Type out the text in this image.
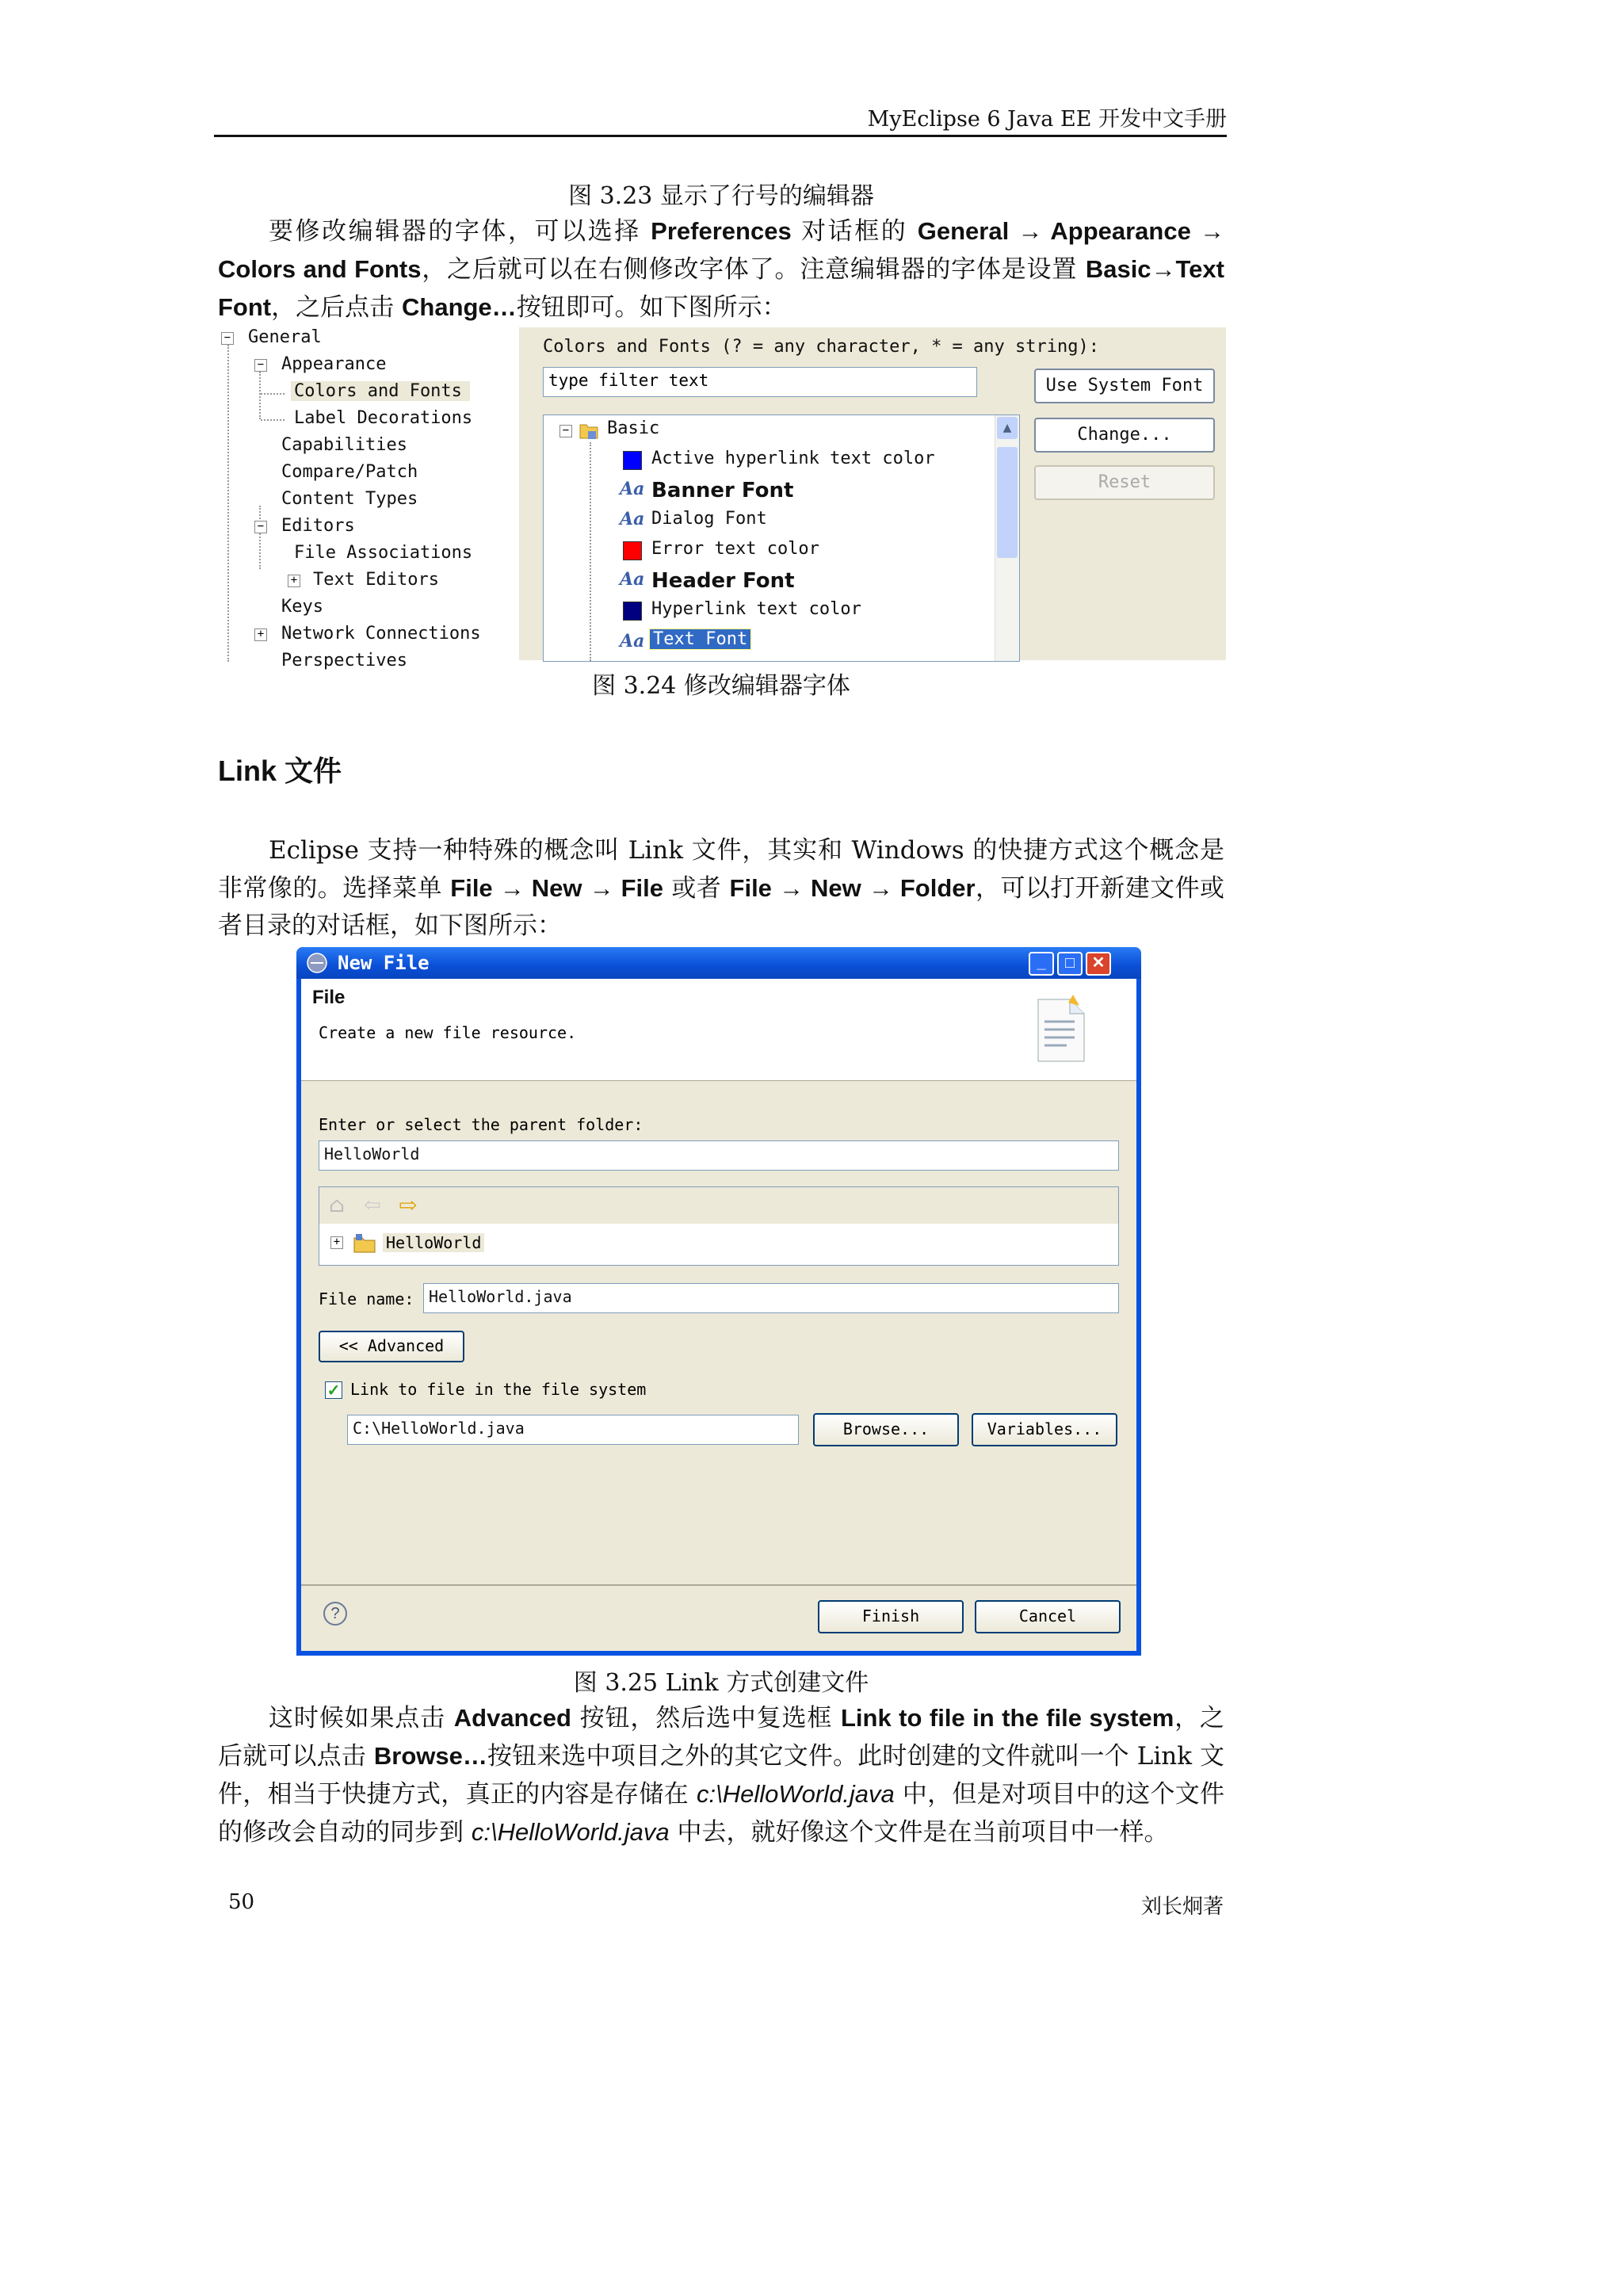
MyEclipse 6 Java EE 开发中文手册
图 3.23 显示了行号的编辑器
要修改编辑器的字体，可以选择 Preferences 对话框的 General → Appearance → Colors and Fonts，之后就可以在右侧修改字体了。注意编辑器的字体是设置 Basic→Text Font，之后点击 Change…按钮即可。如下图所示：
− General
− Appearance
Colors and Fonts
Label Decorations
Capabilities
Compare/Patch
Content Types
− Editors
File Associations
+ Text Editors
Keys
+ Network Connections
Perspectives
Colors and Fonts (? = any character, * = any string):
type filter text
− Basic
Active hyperlink text color
Aa Banner Font
Aa Dialog Font
Error text color
Aa Header Font
Hyperlink text color
Aa Text Font
▲
Use System Font
Change...
Reset
图 3.24 修改编辑器字体
Link 文件
Eclipse 支持一种特殊的概念叫 Link 文件，其实和 Windows 的快捷方式这个概念是非常像的。选择菜单 File → New → File 或者 File → New → Folder，可以打开新建文件或者目录的对话框，如下图所示：
New File	_	□	✕
File
Create a new file resource.
Enter or select the parent folder:
HelloWorld
⌂ ⇦ ⇨
+	HelloWorld
File name: HelloWorld.java
<< Advanced
✓ Link to file in the file system
C:\HelloWorld.java	Browse...	Variables...
?	Finish	Cancel
图 3.25 Link 方式创建文件
这时候如果点击 Advanced 按钮，然后选中复选框 Link to file in the file system，之后就可以点击 Browse…按钮来选中项目之外的其它文件。此时创建的文件就叫一个 Link 文件，相当于快捷方式，真正的内容是存储在 c:\HelloWorld.java 中，但是对项目中的这个文件的修改会自动的同步到 c:\HelloWorld.java 中去，就好像这个文件是在当前项目中一样。
50	刘长炯著
